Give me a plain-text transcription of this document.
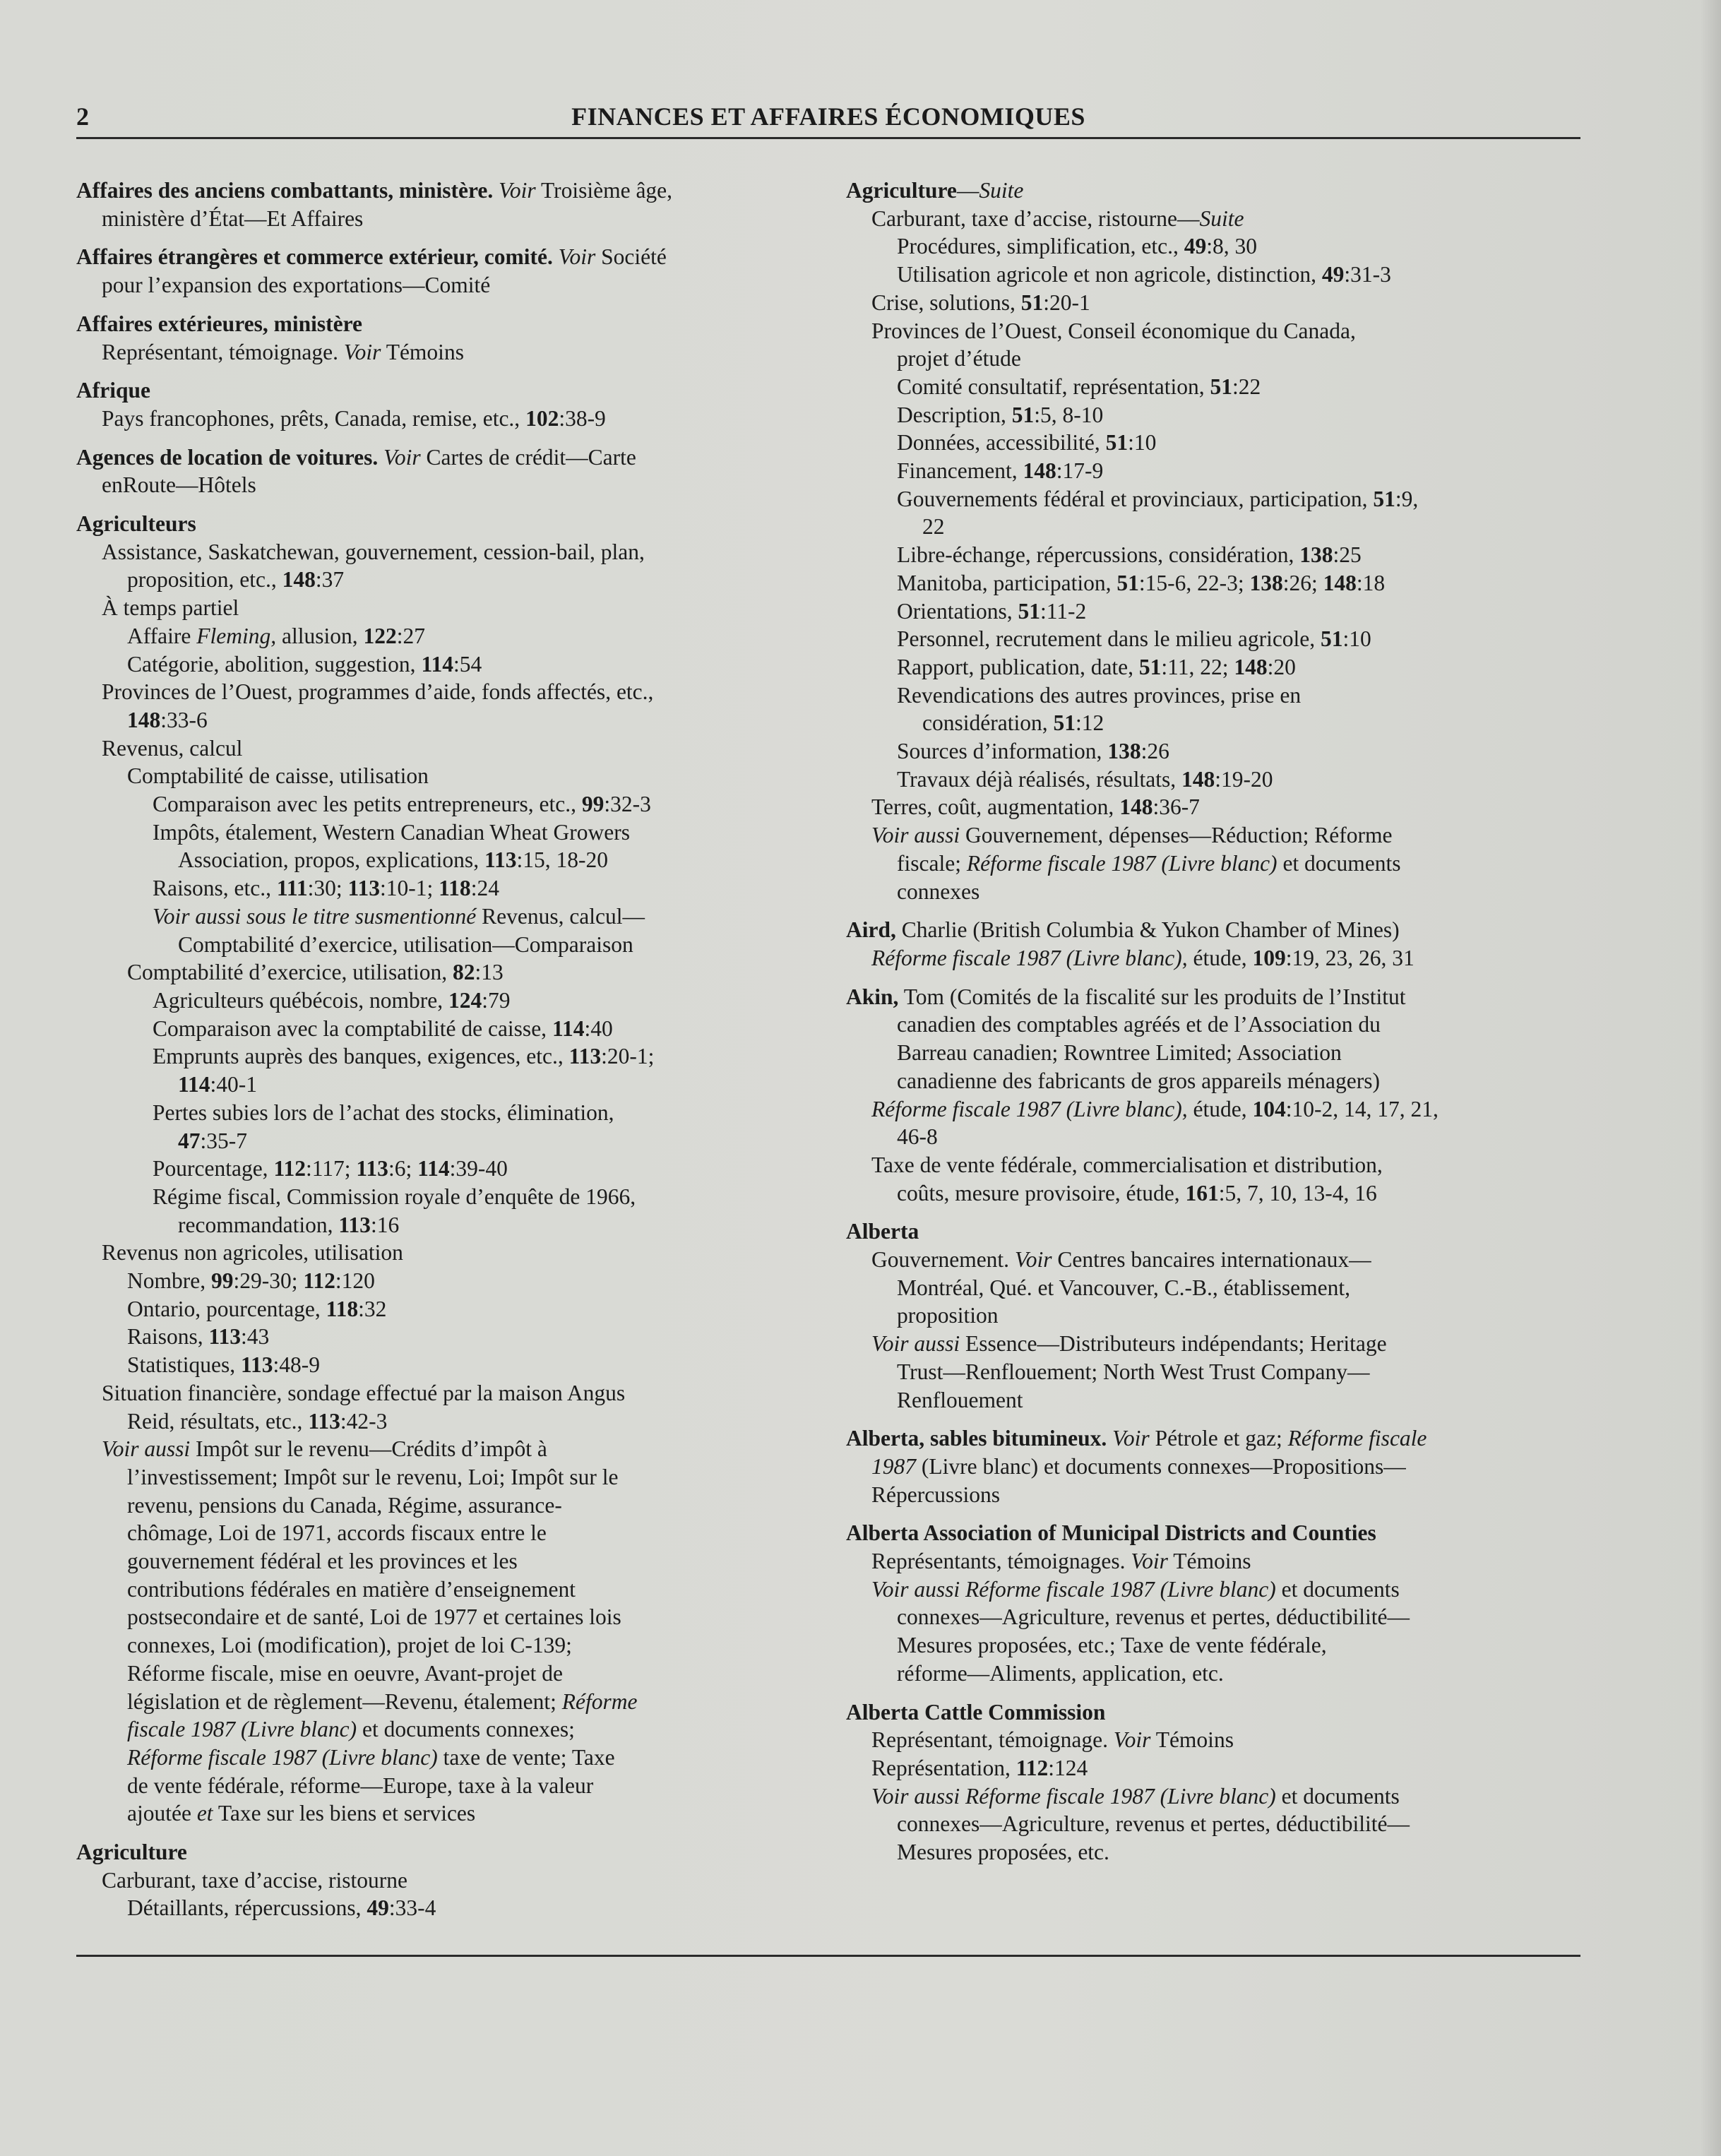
2	FINANCES ET AFFAIRES ÉCONOMIQUES
Affaires des anciens combattants, ministère. Voir Troisième âge,
ministère d’État—Et Affaires
Affaires étrangères et commerce extérieur, comité. Voir Société
pour l’expansion des exportations—Comité
Affaires extérieures, ministère
Représentant, témoignage. Voir Témoins
Afrique
Pays francophones, prêts, Canada, remise, etc., 102:38-9
Agences de location de voitures. Voir Cartes de crédit—Carte
enRoute—Hôtels
Agriculteurs
Assistance, Saskatchewan, gouvernement, cession-bail, plan,
proposition, etc., 148:37
À temps partiel
Affaire Fleming, allusion, 122:27
Catégorie, abolition, suggestion, 114:54
Provinces de l’Ouest, programmes d’aide, fonds affectés, etc.,
148:33-6
Revenus, calcul
Comptabilité de caisse, utilisation
Comparaison avec les petits entrepreneurs, etc., 99:32-3
Impôts, étalement, Western Canadian Wheat Growers
Association, propos, explications, 113:15, 18-20
Raisons, etc., 111:30; 113:10-1; 118:24
Voir aussi sous le titre susmentionné Revenus, calcul—
Comptabilité d’exercice, utilisation—Comparaison
Comptabilité d’exercice, utilisation, 82:13
Agriculteurs québécois, nombre, 124:79
Comparaison avec la comptabilité de caisse, 114:40
Emprunts auprès des banques, exigences, etc., 113:20-1;
114:40-1
Pertes subies lors de l’achat des stocks, élimination,
47:35-7
Pourcentage, 112:117; 113:6; 114:39-40
Régime fiscal, Commission royale d’enquête de 1966,
recommandation, 113:16
Revenus non agricoles, utilisation
Nombre, 99:29-30; 112:120
Ontario, pourcentage, 118:32
Raisons, 113:43
Statistiques, 113:48-9
Situation financière, sondage effectué par la maison Angus
Reid, résultats, etc., 113:42-3
Voir aussi Impôt sur le revenu—Crédits d’impôt à
l’investissement; Impôt sur le revenu, Loi; Impôt sur le
revenu, pensions du Canada, Régime, assurance-
chômage, Loi de 1971, accords fiscaux entre le
gouvernement fédéral et les provinces et les
contributions fédérales en matière d’enseignement
postsecondaire et de santé, Loi de 1977 et certaines lois
connexes, Loi (modification), projet de loi C-139;
Réforme fiscale, mise en oeuvre, Avant-projet de
législation et de règlement—Revenu, étalement; Réforme
fiscale 1987 (Livre blanc) et documents connexes;
Réforme fiscale 1987 (Livre blanc) taxe de vente; Taxe
de vente fédérale, réforme—Europe, taxe à la valeur
ajoutée et Taxe sur les biens et services
Agriculture
Carburant, taxe d’accise, ristourne
Détaillants, répercussions, 49:33-4
Agriculture—Suite
Carburant, taxe d’accise, ristourne—Suite
Procédures, simplification, etc., 49:8, 30
Utilisation agricole et non agricole, distinction, 49:31-3
Crise, solutions, 51:20-1
Provinces de l’Ouest, Conseil économique du Canada,
projet d’étude
Comité consultatif, représentation, 51:22
Description, 51:5, 8-10
Données, accessibilité, 51:10
Financement, 148:17-9
Gouvernements fédéral et provinciaux, participation, 51:9,
22
Libre-échange, répercussions, considération, 138:25
Manitoba, participation, 51:15-6, 22-3; 138:26; 148:18
Orientations, 51:11-2
Personnel, recrutement dans le milieu agricole, 51:10
Rapport, publication, date, 51:11, 22; 148:20
Revendications des autres provinces, prise en
considération, 51:12
Sources d’information, 138:26
Travaux déjà réalisés, résultats, 148:19-20
Terres, coût, augmentation, 148:36-7
Voir aussi Gouvernement, dépenses—Réduction; Réforme
fiscale; Réforme fiscale 1987 (Livre blanc) et documents
connexes
Aird, Charlie (British Columbia & Yukon Chamber of Mines)
Réforme fiscale 1987 (Livre blanc), étude, 109:19, 23, 26, 31
Akin, Tom (Comités de la fiscalité sur les produits de l’Institut
canadien des comptables agréés et de l’Association du
Barreau canadien; Rowntree Limited; Association
canadienne des fabricants de gros appareils ménagers)
Réforme fiscale 1987 (Livre blanc), étude, 104:10-2, 14, 17, 21,
46-8
Taxe de vente fédérale, commercialisation et distribution,
coûts, mesure provisoire, étude, 161:5, 7, 10, 13-4, 16
Alberta
Gouvernement. Voir Centres bancaires internationaux—
Montréal, Qué. et Vancouver, C.-B., établissement,
proposition
Voir aussi Essence—Distributeurs indépendants; Heritage
Trust—Renflouement; North West Trust Company—
Renflouement
Alberta, sables bitumineux. Voir Pétrole et gaz; Réforme fiscale
1987 (Livre blanc) et documents connexes—Propositions—
Répercussions
Alberta Association of Municipal Districts and Counties
Représentants, témoignages. Voir Témoins
Voir aussi Réforme fiscale 1987 (Livre blanc) et documents
connexes—Agriculture, revenus et pertes, déductibilité—
Mesures proposées, etc.; Taxe de vente fédérale,
réforme—Aliments, application, etc.
Alberta Cattle Commission
Représentant, témoignage. Voir Témoins
Représentation, 112:124
Voir aussi Réforme fiscale 1987 (Livre blanc) et documents
connexes—Agriculture, revenus et pertes, déductibilité—
Mesures proposées, etc.
